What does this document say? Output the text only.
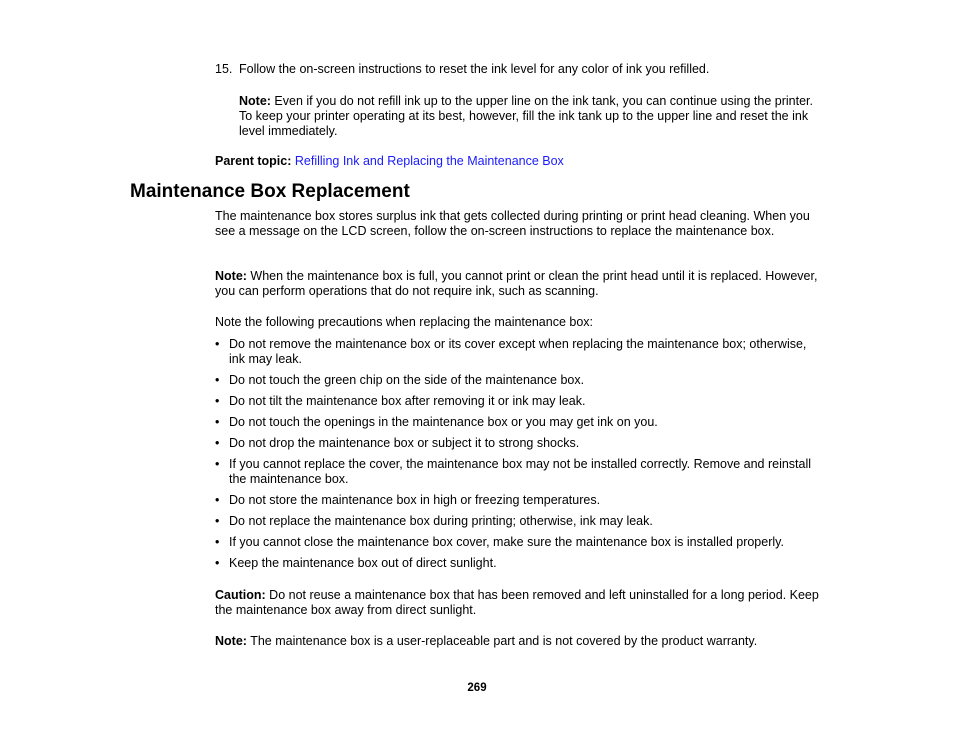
15. Follow the on-screen instructions to reset the ink level for any color of ink you refilled.
Note: Even if you do not refill ink up to the upper line on the ink tank, you can continue using the printer. To keep your printer operating at its best, however, fill the ink tank up to the upper line and reset the ink level immediately.
Parent topic: Refilling Ink and Replacing the Maintenance Box
Maintenance Box Replacement

The maintenance box stores surplus ink that gets collected during printing or print head cleaning. When you see a message on the LCD screen, follow the on-screen instructions to replace the maintenance box.

Note: When the maintenance box is full, you cannot print or clean the print head until it is replaced. However, you can perform operations that do not require ink, such as scanning.

Note the following precautions when replacing the maintenance box:

• Do not remove the maintenance box or its cover except when replacing the maintenance box; otherwise, ink may leak.
• Do not touch the green chip on the side of the maintenance box.
• Do not tilt the maintenance box after removing it or ink may leak.
• Do not touch the openings in the maintenance box or you may get ink on you.
• Do not drop the maintenance box or subject it to strong shocks.
• If you cannot replace the cover, the maintenance box may not be installed correctly. Remove and reinstall the maintenance box.
• Do not store the maintenance box in high or freezing temperatures.
• Do not replace the maintenance box during printing; otherwise, ink may leak.
• If you cannot close the maintenance box cover, make sure the maintenance box is installed properly.
• Keep the maintenance box out of direct sunlight.

Caution: Do not reuse a maintenance box that has been removed and left uninstalled for a long period. Keep the maintenance box away from direct sunlight.

Note: The maintenance box is a user-replaceable part and is not covered by the product warranty.

269
